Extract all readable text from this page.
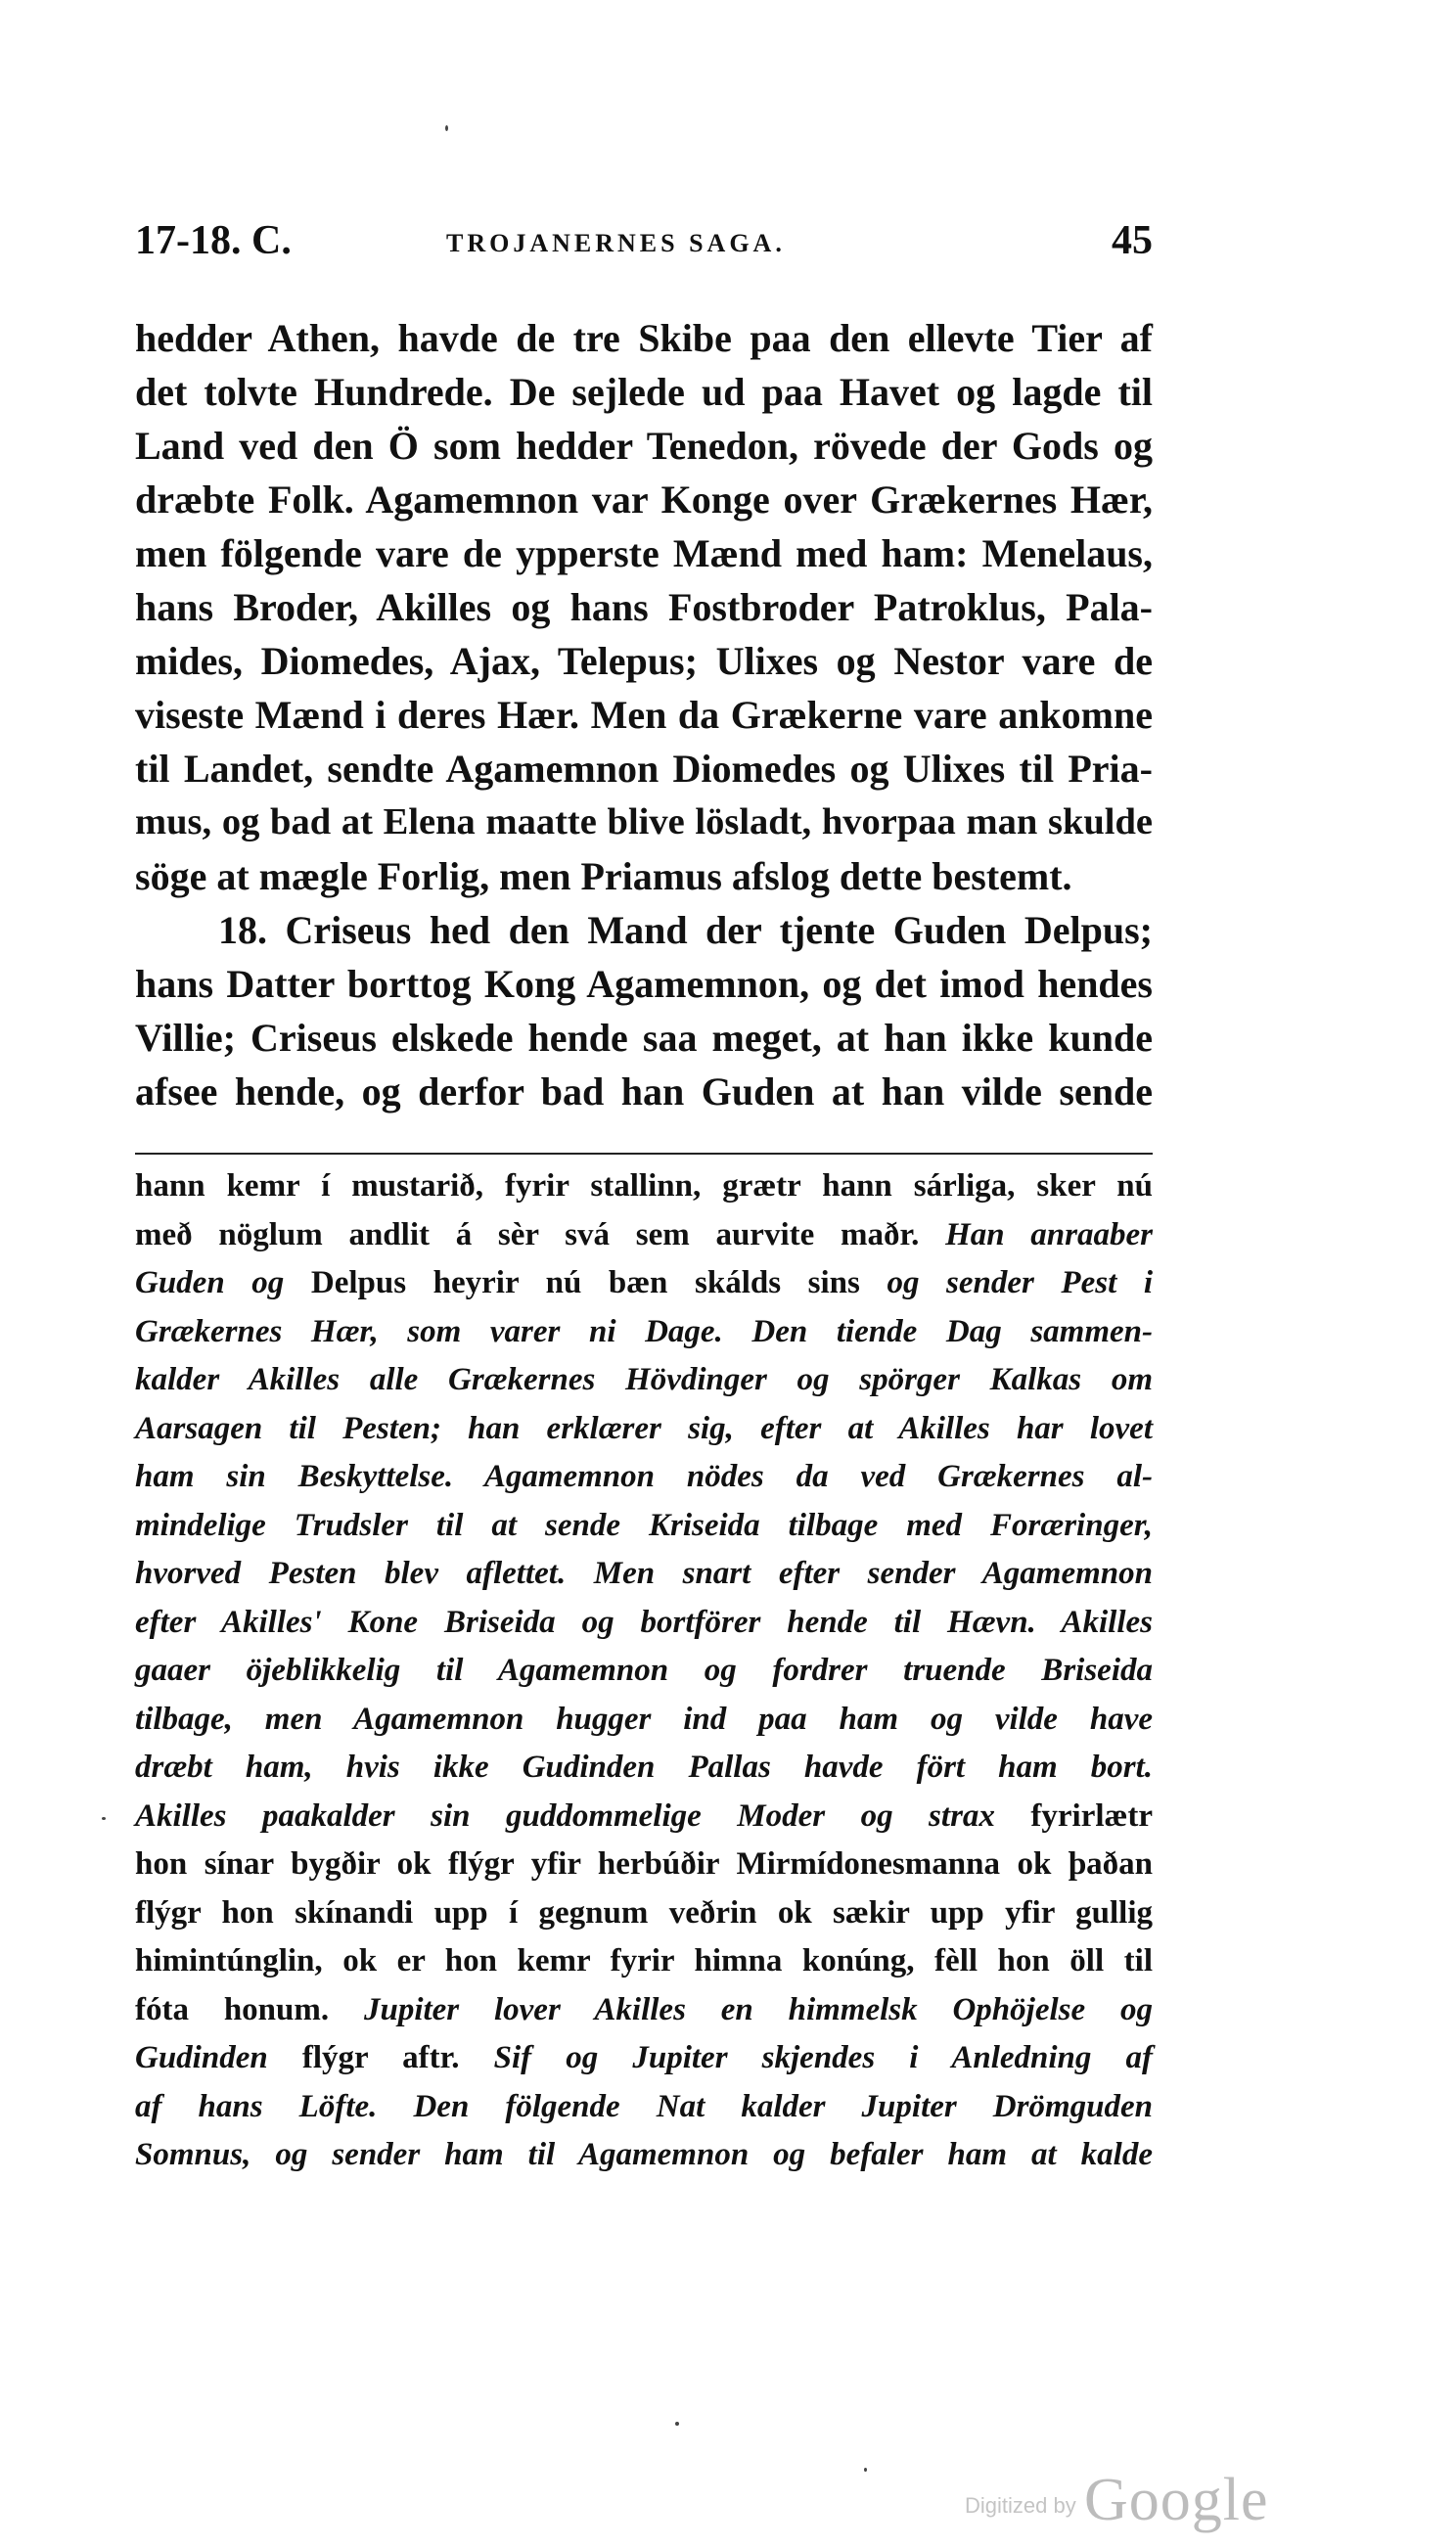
17-18. C.	TROJANERNES SAGA.	45
hedder Athen, havde de tre Skibe paa den ellevte Tier af
det tolvte Hundrede. De sejlede ud paa Havet og lagde til
Land ved den Ö som hedder Tenedon, rövede der Gods og
dræbte Folk. Agamemnon var Konge over Grækernes Hær,
men fölgende vare de ypperste Mænd med ham: Menelaus,
hans Broder, Akilles og hans Fostbroder Patroklus, Pala-
mides, Diomedes, Ajax, Telepus; Ulixes og Nestor vare de
viseste Mænd i deres Hær. Men da Grækerne vare ankomne
til Landet, sendte Agamemnon Diomedes og Ulixes til Pria-
mus, og bad at Elena maatte blive lösladt, hvorpaa man skulde
söge at mægle Forlig, men Priamus afslog dette bestemt.
18. Criseus hed den Mand der tjente Guden Delpus;
hans Datter borttog Kong Agamemnon, og det imod hendes
Villie; Criseus elskede hende saa meget, at han ikke kunde
afsee hende, og derfor bad han Guden at han vilde sende
hann kemr í mustarið, fyrir stallinn, grætr hann sárliga, sker nú
með nöglum andlit á sèr svá sem aurvite maðr. Han anraaber
Guden og Delpus heyrir nú bæn skálds sins og sender Pest i
Grækernes Hær, som varer ni Dage. Den tiende Dag sammen-
kalder Akilles alle Grækernes Hövdinger og spörger Kalkas om
Aarsagen til Pesten; han erklærer sig, efter at Akilles har lovet
ham sin Beskyttelse. Agamemnon nödes da ved Grækernes al-
mindelige Trudsler til at sende Kriseida tilbage med Foræringer,
hvorved Pesten blev aflettet. Men snart efter sender Agamemnon
efter Akilles' Kone Briseida og bortförer hende til Hævn. Akilles
gaaer öjeblikkelig til Agamemnon og fordrer truende Briseida
tilbage, men Agamemnon hugger ind paa ham og vilde have
dræbt ham, hvis ikke Gudinden Pallas havde fört ham bort.
Akilles paakalder sin guddommelige Moder og strax fyrirlætr
hon sínar bygðir ok flýgr yfir herbúðir Mirmídonesmanna ok þaðan
flýgr hon skínandi upp í gegnum veðrin ok sækir upp yfir gullig
himintúnglin, ok er hon kemr fyrir himna konúng, fèll hon öll til
fóta honum. Jupiter lover Akilles en himmelsk Ophöjelse og
Gudinden flýgr aftr. Sif og Jupiter skjendes i Anledning af
af hans Löfte. Den fölgende Nat kalder Jupiter Drömguden
Somnus, og sender ham til Agamemnon og befaler ham at kalde
Digitized by Google
